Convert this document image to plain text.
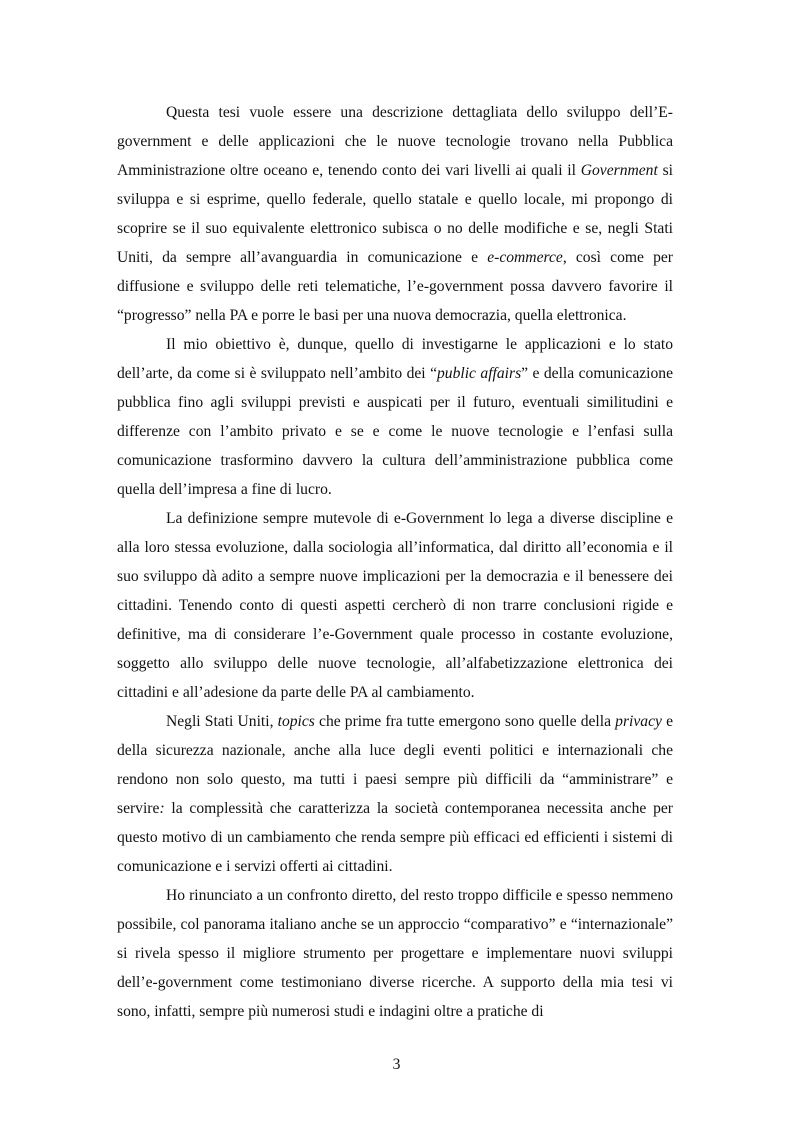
Questa tesi vuole essere una descrizione dettagliata dello sviluppo dell’E-government e delle applicazioni che le nuove tecnologie trovano nella Pubblica Amministrazione oltre oceano e, tenendo conto dei vari livelli ai quali il Government si sviluppa e si esprime, quello federale, quello statale e quello locale, mi propongo di scoprire se il suo equivalente elettronico subisca o no delle modifiche e se, negli Stati Uniti, da sempre all’avanguardia in comunicazione e e-commerce, così come per diffusione e sviluppo delle reti telematiche, l’e-government possa davvero favorire il “progresso” nella PA e porre le basi per una nuova democrazia, quella elettronica.

Il mio obiettivo è, dunque, quello di investigarne le applicazioni e lo stato dell’arte, da come si è sviluppato nell’ambito dei “public affairs” e della comunicazione pubblica fino agli sviluppi previsti e auspicati per il futuro, eventuali similitudini e differenze con l’ambito privato e se e come le nuove tecnologie e l’enfasi sulla comunicazione trasformino davvero la cultura dell’amministrazione pubblica come quella dell’impresa a fine di lucro.

La definizione sempre mutevole di e-Government lo lega a diverse discipline e alla loro stessa evoluzione, dalla sociologia all’informatica, dal diritto all’economia e il suo sviluppo dà adito a sempre nuove implicazioni per la democrazia e il benessere dei cittadini. Tenendo conto di questi aspetti cercherò di non trarre conclusioni rigide e definitive, ma di considerare l’e-Government quale processo in costante evoluzione, soggetto allo sviluppo delle nuove tecnologie, all’alfabetizzazione elettronica dei cittadini e all’adesione da parte delle PA al cambiamento.

Negli Stati Uniti, topics che prime fra tutte emergono sono quelle della privacy e della sicurezza nazionale, anche alla luce degli eventi politici e internazionali che rendono non solo questo, ma tutti i paesi sempre più difficili da “amministrare” e servire: la complessità che caratterizza la società contemporanea necessita anche per questo motivo di un cambiamento che renda sempre più efficaci ed efficienti i sistemi di comunicazione e i servizi offerti ai cittadini.

Ho rinunciato a un confronto diretto, del resto troppo difficile e spesso nemmeno possibile, col panorama italiano anche se un approccio “comparativo” e “internazionale” si rivela spesso il migliore strumento per progettare e implementare nuovi sviluppi dell’e-government come testimoniano diverse ricerche. A supporto della mia tesi vi sono, infatti, sempre più numerosi studi e indagini oltre a pratiche di

3
